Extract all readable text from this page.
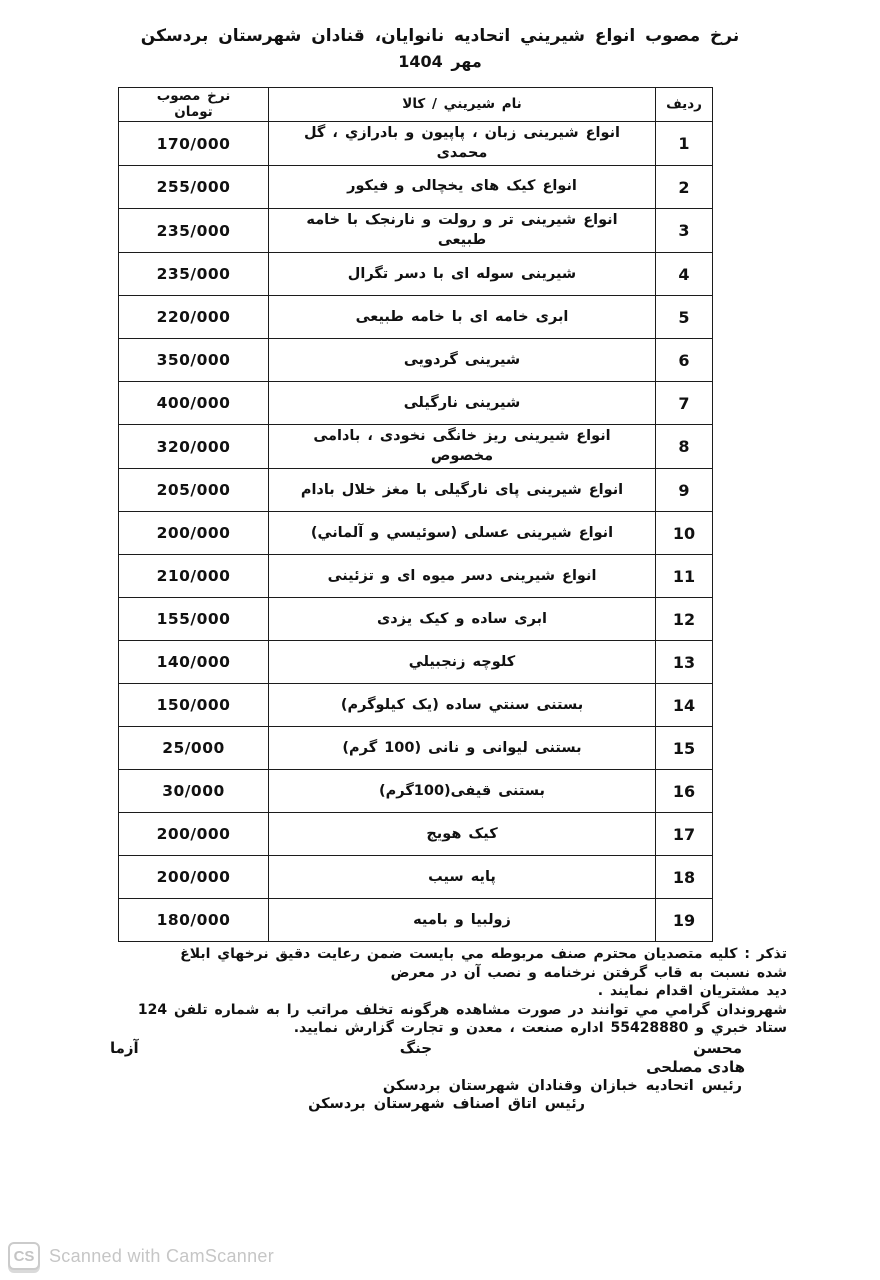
نرخ مصوب انواع شيريني اتحاديه نانوايان، قنادان شهرستان بردسكن
مهر 1404
رديف	نام شيريني / كالا	نرخ مصوب
تومان
1	انواع شيرينى زبان ، پاپيون و بادرازي ، گل محمدى	170/000
2	انواع كيک هاى يخچالى و فيكور	255/000
3	انواع شيرينى تر و رولت و نارنجک با خامه طبيعى	235/000
4	شيرينى سوله اى با دسر تگرال	235/000
5	ابرى خامه اى با خامه طبيعى	220/000
6	شيرينى گردويى	350/000
7	شيرينى نارگيلى	400/000
8	انواع شيرينى ريز خانگى نخودى ، بادامى مخصوص	320/000
9	انواع شيرينى پاى نارگيلى با مغز خلال بادام	205/000
10	انواع شيرينى عسلى (سوئيسي و آلماني)	200/000
11	انواع شيرينى دسر ميوه اى و تزئينى	210/000
12	ابرى ساده و كيک يزدى	155/000
13	كلوچه زنجبيلي	140/000
14	بستنى سنتي ساده (يک كيلوگرم)	150/000
15	بستنى ليوانى و نانى (100 گرم)	25/000
16	بستنى قيفى(100گرم)	30/000
17	كيک هويج	200/000
18	پايه سيب	200/000
19	زولبيا و باميه	180/000
تذكر : كليه متصديان محترم صنف مربوطه مي بايست ضمن رعايت دقيق نرخهاي ابلاغ
شده نسبت به قاب گرفتن نرخنامه و نصب آن در معرض
ديد مشتريان اقدام نمايند .
شهروندان گرامي مي توانند در صورت مشاهده هرگونه تخلف مراتب را به شماره تلفن 124
ستاد خبري و 55428880 اداره صنعت ، معدن و تجارت گزارش نماييد.
محسن
جنگ
آزما
هادى مصلحى
رئيس اتحاديه خبازان وقنادان شهرستان بردسكن
رئيس اتاق اصناف شهرستان بردسكن
CS Scanned with CamScanner
